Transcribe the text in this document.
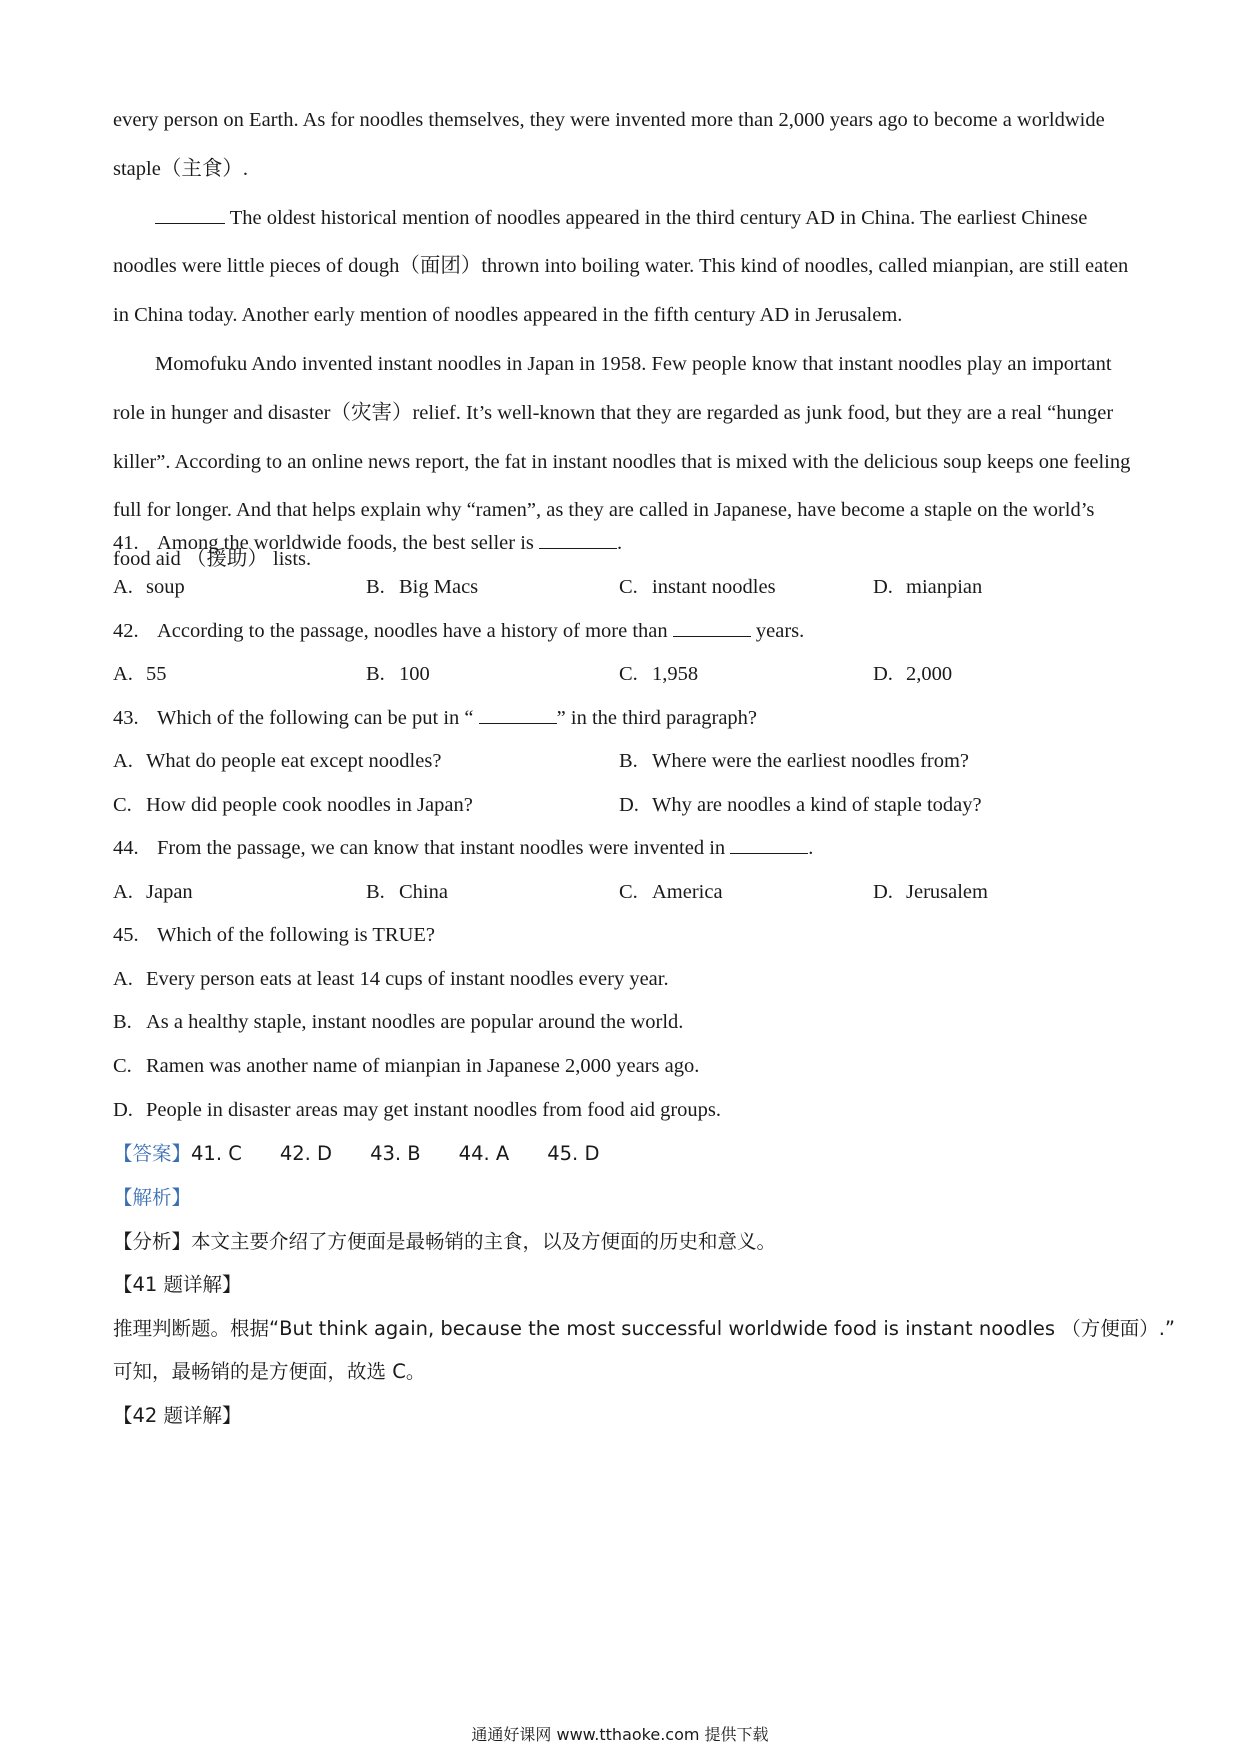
every person on Earth. As for noodles themselves, they were invented more than 2,000 years ago to become a worldwide staple（主食）.

The oldest historical mention of noodles appeared in the third century AD in China. The earliest Chinese noodles were little pieces of dough（面团）thrown into boiling water. This kind of noodles, called mianpian, are still eaten in China today. Another early mention of noodles appeared in the fifth century AD in Jerusalem.

Momofuku Ando invented instant noodles in Japan in 1958. Few people know that instant noodles play an important role in hunger and disaster（灾害）relief. It’s well-known that they are regarded as junk food, but they are a real “hunger killer”. According to an online news report, the fat in instant noodles that is mixed with the delicious soup keeps one feeling full for longer. And that helps explain why “ramen”, as they are called in Japanese, have become a staple on the world’s food aid （援助） lists.

41. Among the worldwide foods, the best seller is	.
A. soup	B. Big Macs	C. instant noodles	D. mianpian
42. According to the passage, noodles have a history of more than	years.
A. 55	B. 100	C. 1,958	D. 2,000
43. Which of the following can be put in “	” in the third paragraph?
A. What do people eat except noodles?	B. Where were the earliest noodles from?
C. How did people cook noodles in Japan?	D. Why are noodles a kind of staple today?
44. From the passage, we can know that instant noodles were invented in	.
A. Japan	B. China	C. America	D. Jerusalem
45. Which of the following is TRUE?
A. Every person eats at least 14 cups of instant noodles every year.
B. As a healthy staple, instant noodles are popular around the world.
C. Ramen was another name of mianpian in Japanese 2,000 years ago.
D. People in disaster areas may get instant noodles from food aid groups.
【答案】41. C 42. D 43. B 44. A 45. D
【解析】
【分析】本文主要介绍了方便面是最畅销的主食，以及方便面的历史和意义。
【41 题详解】
推理判断题。根据“But think again, because the most successful worldwide food is instant noodles （方便面）.”
可知，最畅销的是方便面，故选 C。
【42 题详解】
通通好课网 www.tthaoke.com 提供下载
